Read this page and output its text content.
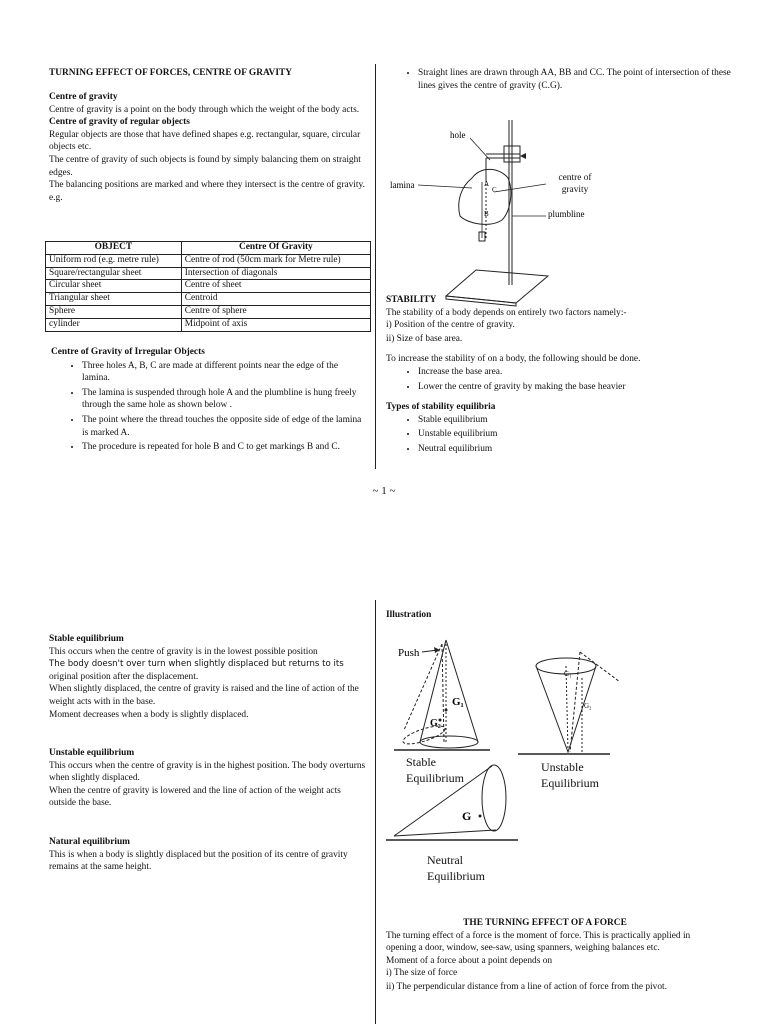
TURNING EFFECT OF FORCES, CENTRE OF GRAVITY

Centre of gravity

Centre of gravity is a point on the body through which the weight of the body acts.

Centre of gravity of regular objects

Regular objects are those that have defined shapes e.g. rectangular, square, circular objects etc.

The centre of gravity of such objects is found by simply balancing them on straight edges.

The balancing positions are marked and where they intersect is the centre of gravity.

e.g.

OBJECT	Centre Of Gravity
Uniform rod (e.g. metre rule)	Centre of rod (50cm mark for Metre rule)
Square/rectangular sheet	Intersection of diagonals
Circular sheet	Centre of sheet
Triangular sheet	Centroid
Sphere	Centre of sphere
cylinder	Midpoint of axis

Centre of Gravity of Irregular Objects

• Three holes A, B, C are made at different points near the edge of the lamina.
• The lamina is suspended through hole A and the plumbline is hung freely through the same hole as shown below .
• The point where the thread touches the opposite side of edge of the lamina is marked A.
• The procedure is repeated for hole B and C to get markings B and C.
• Straight lines are drawn through AA, BB and CC. The point of intersection of these lines gives the centre of gravity (C.G).
A
B
C
hole
lamina
plumbline
centre of gravity

STABILITY

The stability of a body depends on entirely two factors namely:-

i) Position of the centre of gravity.

ii) Size of base area.

To increase the stability of on a body, the following should be done.

• Increase the base area.
• Lower the centre of gravity by making the base heavier

Types of stability equilibria

• Stable equilibrium
• Unstable equilibrium
• Neutral equilibrium
~ 1 ~

Illustration

Stable equilibrium

This occurs when the centre of gravity is in the lowest possible position

The body doesn't over turn when slightly displaced but returns to its

original position after the displacement.

When slightly displaced, the centre of gravity is raised and the line of action of the weight acts with in the base.

Moment decreases when a body is slightly displaced.

Unstable equilibrium

This occurs when the centre of gravity is in the highest position. The body overturns when slightly displaced.

When the centre of gravity is lowered and the line of action of the weight acts outside the base.

Natural equilibrium

This is when a body is slightly displaced but the position of its centre of gravity remains at the same height.

G₁
G₂
Push
G₁
G₂
G

Stable

Equilibrium

Unstable

Equilibrium

Neutral

Equilibrium

THE TURNING EFFECT OF A FORCE

The turning effect of a force is the moment of force. This is practically applied in opening a door, window, see-saw, using spanners, weighing balances etc.

Moment of a force about a point depends on

i) The size of force

ii) The perpendicular distance from a line of action of force from the pivot.
